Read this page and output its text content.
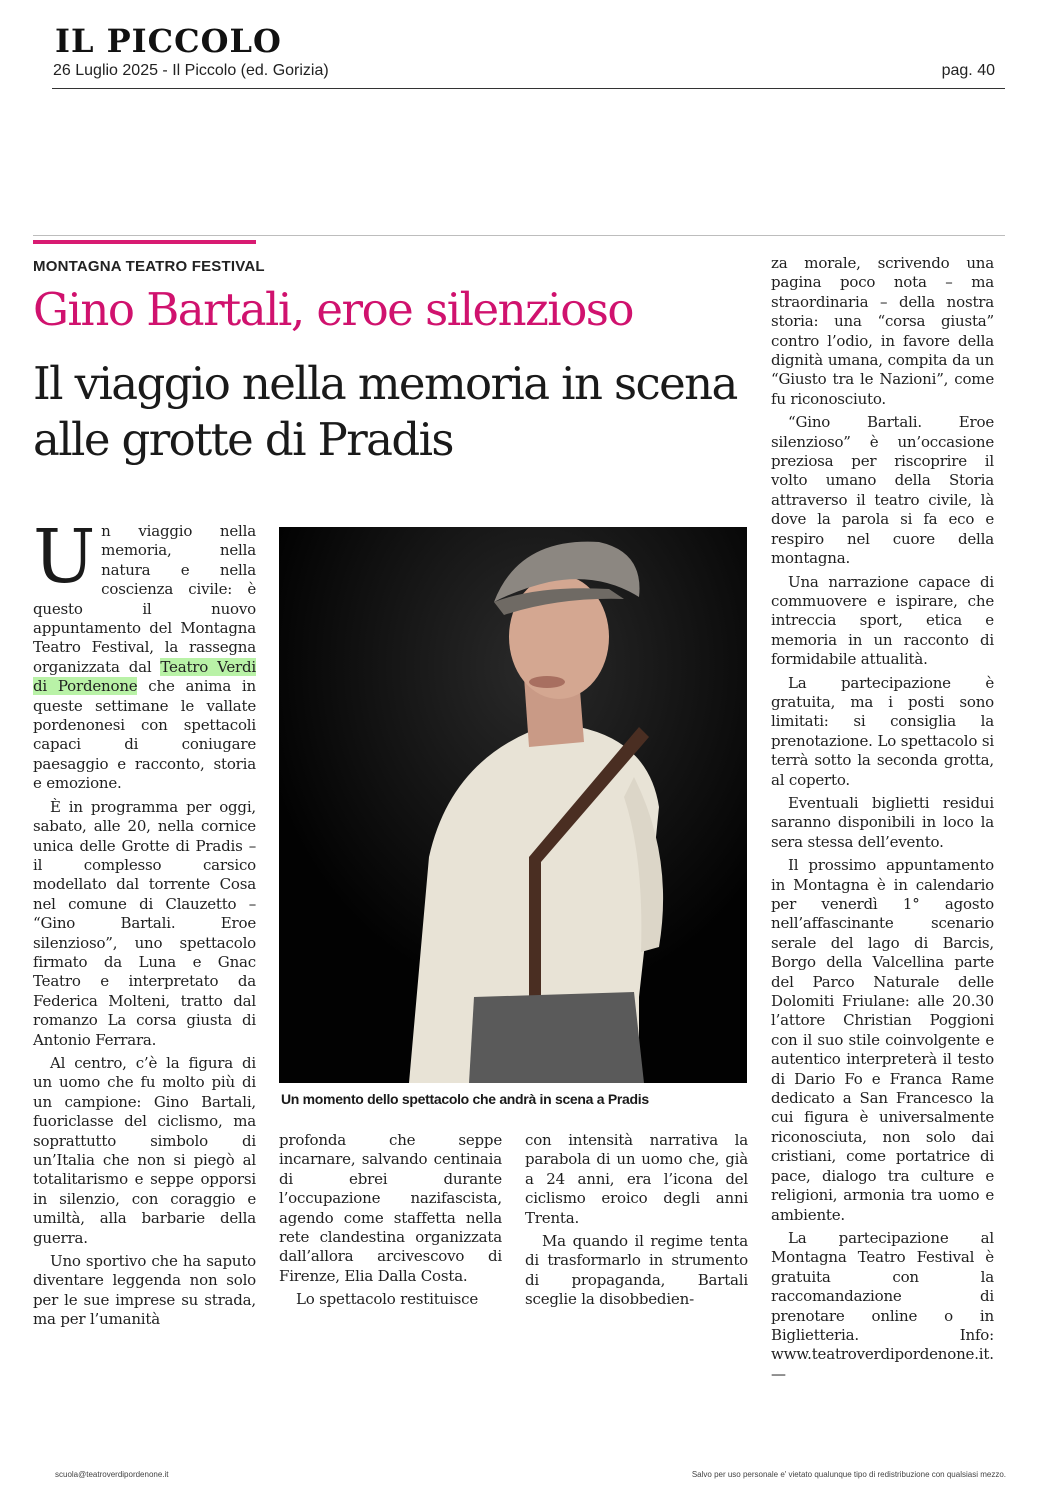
IL PICCOLO
26 Luglio 2025 - Il Piccolo (ed. Gorizia)	pag. 40
MONTAGNA TEATRO FESTIVAL
Gino Bartali, eroe silenzioso
Il viaggio nella memoria in scena alle grotte di Pradis

Un viaggio nella memoria, nella natura e nella coscienza civile: è questo il nuovo appuntamento del Montagna Teatro Festival, la rassegna organizzata dal Teatro Verdi di Pordenone che anima in queste settimane le vallate pordenonesi con spettacoli capaci di coniugare paesaggio e racconto, storia e emozione.

È in programma per oggi, sabato, alle 20, nella cornice unica delle Grotte di Pradis – il complesso carsico modellato dal torrente Cosa nel comune di Clauzetto – “Gino Bartali. Eroe silenzioso”, uno spettacolo firmato da Luna e Gnac Teatro e interpretato da Federica Molteni, tratto dal romanzo La corsa giusta di Antonio Ferrara.

Al centro, c’è la figura di un uomo che fu molto più di un campione: Gino Bartali, fuoriclasse del ciclismo, ma soprattutto simbolo di un’Italia che non si piegò al totalitarismo e seppe opporsi in silenzio, con coraggio e umiltà, alla barbarie della guerra.

Uno sportivo che ha saputo diventare leggenda non solo per le sue imprese su strada, ma per l’umanità

Un momento dello spettacolo che andrà in scena a Pradis

profonda che seppe incarnare, salvando centinaia di ebrei durante l’occupazione nazifascista, agendo come staffetta nella rete clandestina organizzata dall’allora arcivescovo di Firenze, Elia Dalla Costa.

Lo spettacolo restituisce

con intensità narrativa la parabola di un uomo che, già a 24 anni, era l’icona del ciclismo eroico degli anni Trenta.

Ma quando il regime tenta di trasformarlo in strumento di propaganda, Bartali sceglie la disobbedien-

za morale, scrivendo una pagina poco nota – ma straordinaria – della nostra storia: una “corsa giusta” contro l’odio, in favore della dignità umana, compita da un “Giusto tra le Nazioni”, come fu riconosciuto.

“Gino Bartali. Eroe silenzioso” è un’occasione preziosa per riscoprire il volto umano della Storia attraverso il teatro civile, là dove la parola si fa eco e respiro nel cuore della montagna.

Una narrazione capace di commuovere e ispirare, che intreccia sport, etica e memoria in un racconto di formidabile attualità.

La partecipazione è gratuita, ma i posti sono limitati: si consiglia la prenotazione. Lo spettacolo si terrà sotto la seconda grotta, al coperto.

Eventuali biglietti residui saranno disponibili in loco la sera stessa dell’evento.

Il prossimo appuntamento in Montagna è in calendario per venerdì 1° agosto nell’affascinante scenario serale del lago di Barcis, Borgo della Valcellina parte del Parco Naturale delle Dolomiti Friulane: alle 20.30 l’attore Christian Poggioni con il suo stile coinvolgente e autentico interpreterà il testo di Dario Fo e Franca Rame dedicato a San Francesco la cui figura è universalmente riconosciuta, non solo dai cristiani, come portatrice di pace, dialogo tra culture e religioni, armonia tra uomo e ambiente.

La partecipazione al Montagna Teatro Festival è gratuita con la raccomandazione di prenotare online o in Biglietteria. Info: www.teatroverdipordenone.it. —

scuola@teatroverdipordenone.it	Salvo per uso personale e' vietato qualunque tipo di redistribuzione con qualsiasi mezzo.
